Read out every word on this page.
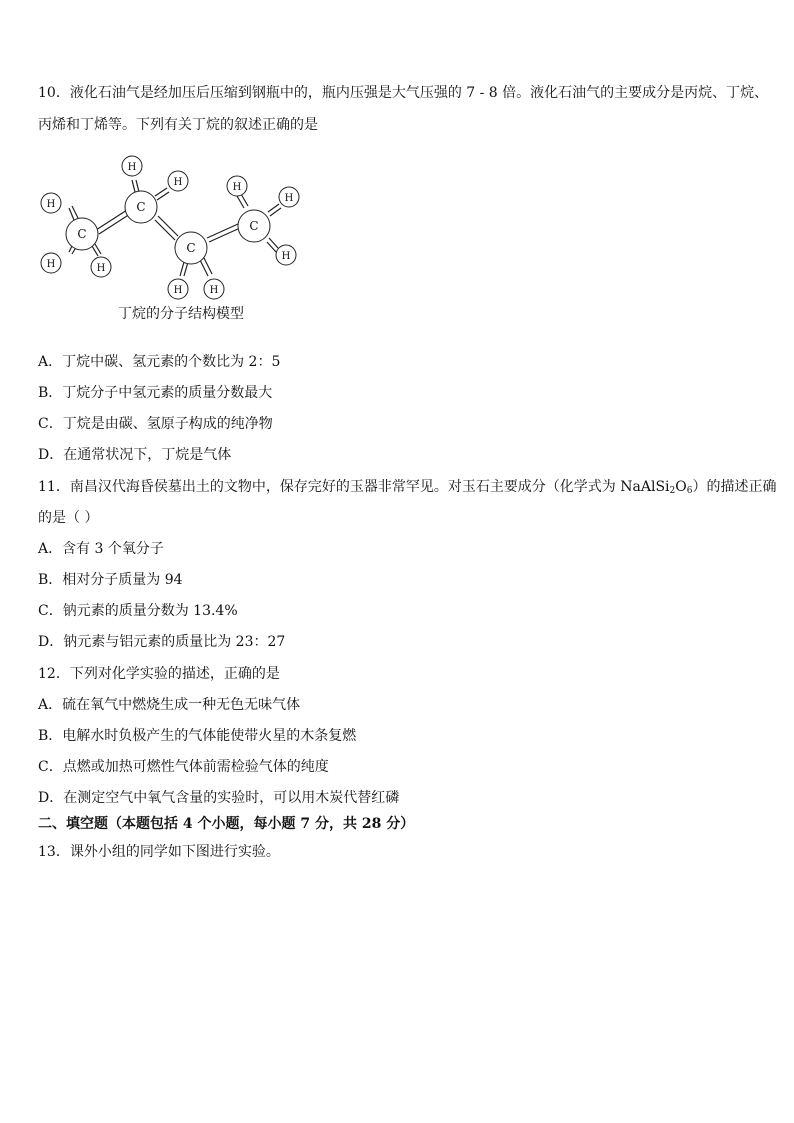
10．液化石油气是经加压后压缩到钢瓶中的，瓶内压强是大气压强的 7 - 8 倍。液化石油气的主要成分是丙烷、丁烷、
丙烯和丁烯等。下列有关丁烷的叙述正确的是
C
C
C
C
H
H	H
H
H
H	H
H
H
H
丁烷的分子结构模型
A．丁烷中碳、氢元素的个数比为 2：5
B．丁烷分子中氢元素的质量分数最大
C．丁烷是由碳、氢原子构成的纯净物
D．在通常状况下，丁烷是气体
11．南昌汉代海昏侯墓出土的文物中，保存完好的玉器非常罕见。对玉石主要成分（化学式为 $NaAlSi_2O_6$）的描述正确
的是（ ）
A．含有 3 个氧分子
B．相对分子质量为 94
C．钠元素的质量分数为 13.4%
D．钠元素与铝元素的质量比为 23：27
12．下列对化学实验的描述，正确的是
A．硫在氧气中燃烧生成一种无色无味气体
B．电解水时负极产生的气体能使带火星的木条复燃
C．点燃或加热可燃性气体前需检验气体的纯度
D．在测定空气中氧气含量的实验时，可以用木炭代替红磷
二、填空题（本题包括 4 个小题，每小题 7 分，共 28 分）
13．课外小组的同学如下图进行实验。
